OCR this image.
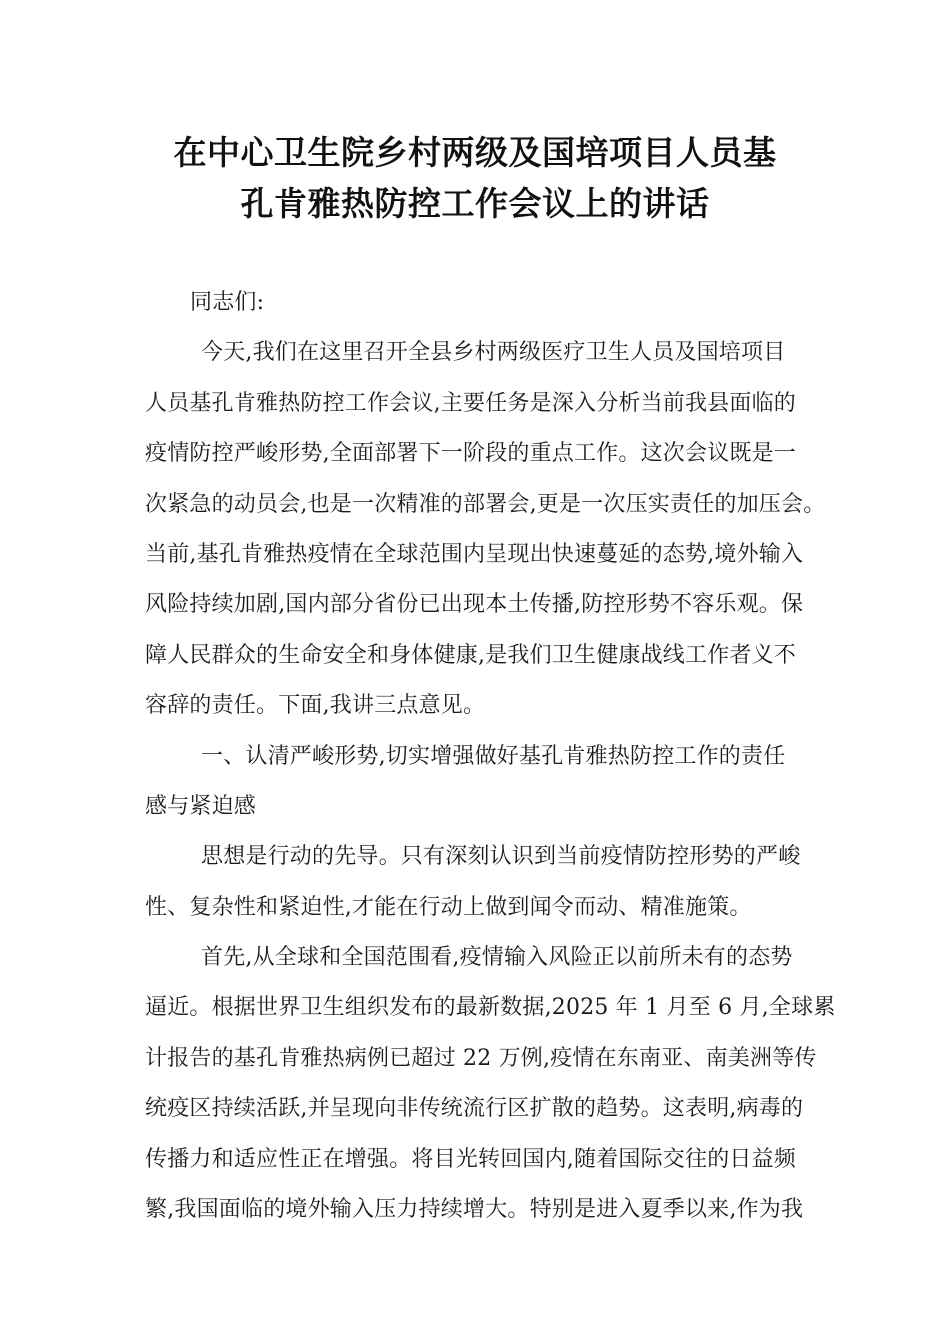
在中心卫生院乡村两级及国培项目人员基
孔肯雅热防控工作会议上的讲话
同志们:
今天,我们在这里召开全县乡村两级医疗卫生人员及国培项目
人员基孔肯雅热防控工作会议,主要任务是深入分析当前我县面临的
疫情防控严峻形势,全面部署下一阶段的重点工作。这次会议既是一
次紧急的动员会,也是一次精准的部署会,更是一次压实责任的加压会。
当前,基孔肯雅热疫情在全球范围内呈现出快速蔓延的态势,境外输入
风险持续加剧,国内部分省份已出现本土传播,防控形势不容乐观。保
障人民群众的生命安全和身体健康,是我们卫生健康战线工作者义不
容辞的责任。下面,我讲三点意见。
一、认清严峻形势,切实增强做好基孔肯雅热防控工作的责任
感与紧迫感
思想是行动的先导。只有深刻认识到当前疫情防控形势的严峻
性、复杂性和紧迫性,才能在行动上做到闻令而动、精准施策。
首先,从全球和全国范围看,疫情输入风险正以前所未有的态势
逼近。根据世界卫生组织发布的最新数据,2025 年 1 月至 6 月,全球累
计报告的基孔肯雅热病例已超过 22 万例,疫情在东南亚、南美洲等传
统疫区持续活跃,并呈现向非传统流行区扩散的趋势。这表明,病毒的
传播力和适应性正在增强。将目光转回国内,随着国际交往的日益频
繁,我国面临的境外输入压力持续增大。特别是进入夏季以来,作为我
